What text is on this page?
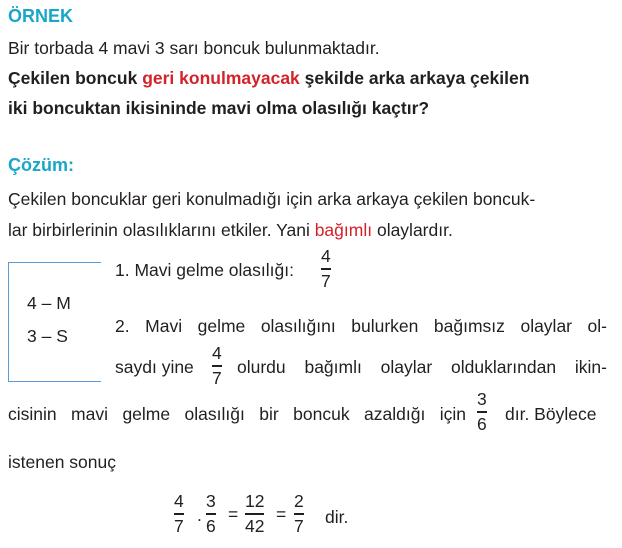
ÖRNEK
Bir torbada 4 mavi 3 sarı boncuk bulunmaktadır.
Çekilen boncuk geri konulmayacak şekilde arka arkaya çekilen
iki boncuktan ikisininde mavi olma olasılığı kaçtır?
Çözüm:
Çekilen boncuklar geri konulmadığı için arka arkaya çekilen boncuk-
lar birbirlerinin olasılıklarını etkiler. Yani bağımlı olaylardır.
4 – M
3 – S
1. Mavi gelme olasılığı:
4
7
2. Mavi gelme olasılığını bulurken bağımsız olaylar ol-
saydı yine
4
7
olurdu bağımlı olaylar olduklarından ikin-
cisinin mavi gelme olasılığı bir boncuk azaldığı için
3
6 dır. Böylece
istenen sonuç
4
7
.
3
6
=
12
42
=
2
7 dir.
